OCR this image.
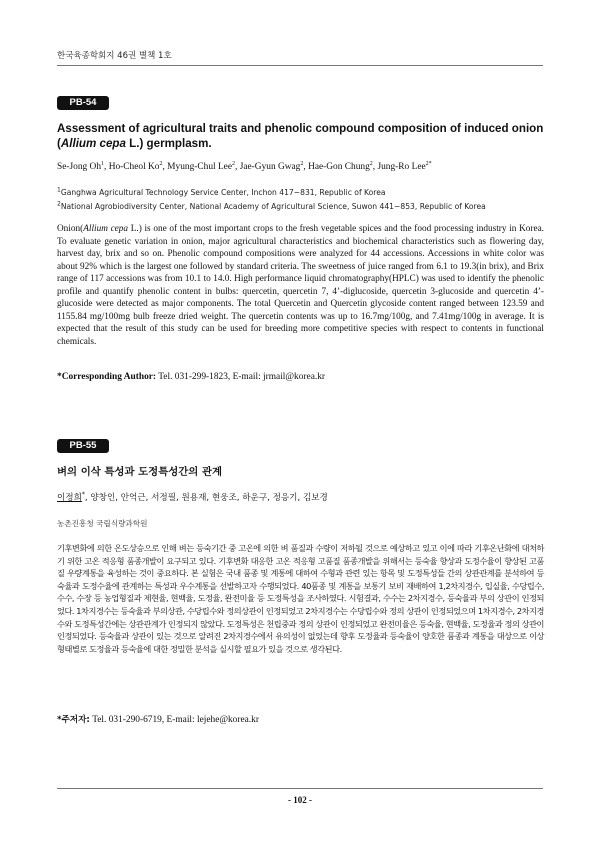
한국육종학회지 46권 별책 1호
PB-54
Assessment of agricultural traits and phenolic compound composition of induced onion (Allium cepa L.) germplasm.
Se-Jong Oh$^1$, Ho-Cheol Ko$^2$, Myung-Chul Lee$^2$, Jae-Gyun Gwag$^2$, Hae-Gon Chung$^2$, Jung-Ro Lee$^{2*}$
$^1$Ganghwa Agricultural Technology Service Center, Inchon 417−831, Republic of Korea
$^2$National Agrobiodiversity Center, National Academy of Agricultural Science, Suwon 441−853, Republic of Korea
Onion(Allium cepa L.) is one of the most important crops to the fresh vegetable spices and the food processing industry in Korea. To evaluate genetic variation in onion, major agricultural characteristics and biochemical characteristics such as flowering day, harvest day, brix and so on. Phenolic compound compositions were analyzed for 44 accessions. Accessions in white color was about 92% which is the largest one followed by standard criteria. The sweetness of juice ranged from 6.1 to 19.3(in brix), and Brix range of 117 accessions was from 10.1 to 14.0. High performance liquid chromatography(HPLC) was used to identify the phenolic profile and quantify phenolic content in bulbs: quercetin, quercetin 7, 4’-diglucoside, quercetin 3-glucoside and quercetin 4’-glucoside were detected as major components. The total Quercetin and Quercetin glycoside content ranged between 123.59 and 1155.84 mg/100mg bulb freeze dried weight. The quercetin contents was up to 16.7mg/100g, and 7.41mg/100g in average. It is expected that the result of this study can be used for breeding more competitive species with respect to contents in functional chemicals.
*Corresponding Author: Tel. 031-299-1823, E-mail: jrmail@korea.kr
PB-55
벼의 이삭 특성과 도정특성간의 관계
이정희*, 양창인, 안억근, 서정필, 원용재, 현웅조, 하운구, 정응기, 김보경
농촌진흥청 국립식량과학원
기후변화에 의한 온도상승으로 인해 벼는 등숙기간 중 고온에 의한 벼 품질과 수량이 저하될 것으로 예상하고 있고 이에 따라 기후온난화에 대처하기 위한 고온 적응형 품종개발이 요구되고 있다. 기후변화 대응한 고온 적응형 고품질 품종개발을 위해서는 등숙율 향상과 도정수율이 향상된 고품질 우량계통을 육성하는 것이 중요하다. 본 실험은 국내 품종 및 계통에 대하여 수형과 관련 있는 항목 및 도정특성들 간의 상관관계를 분석하여 등숙율과 도정수율에 관계하는 특성과 우수계통을 선발하고자 수행되었다. 40품종 및 계통을 보통기 보비 재배하여 1,2차지경수, 입실율, 수당립수, 수수, 수장 등 농업형질과 제현율, 현백율, 도정율, 완전미율 등 도정특성을 조사하였다. 시험결과, 수수는 2차지경수, 등숙율과 부의 상관이 인정되었다. 1차지경수는 등숙율과 부의상관, 수당립수와 정의상관이 인정되었고 2차지경수는 수당립수와 정의 상관이 인정되었으며 1차지경수, 2차지경수와 도정특성간에는 상관관계가 인정되지 않았다. 도정특성은 천립중과 정의 상관이 인정되었고 완전미율은 등숙율, 현백율, 도정율과 정의 상관이 인정되었다. 등숙율과 상관이 있는 것으로 알려진 2차지경수에서 유의성이 없었는데 향후 도정율과 등숙율이 양호한 품종과 계통을 대상으로 이상형태별로 도정율과 등숙율에 대한 정밀한 분석을 실시할 필요가 있을 것으로 생각된다.
*주저자: Tel. 031-290-6719, E-mail: lejehe@korea.kr
- 102 -
